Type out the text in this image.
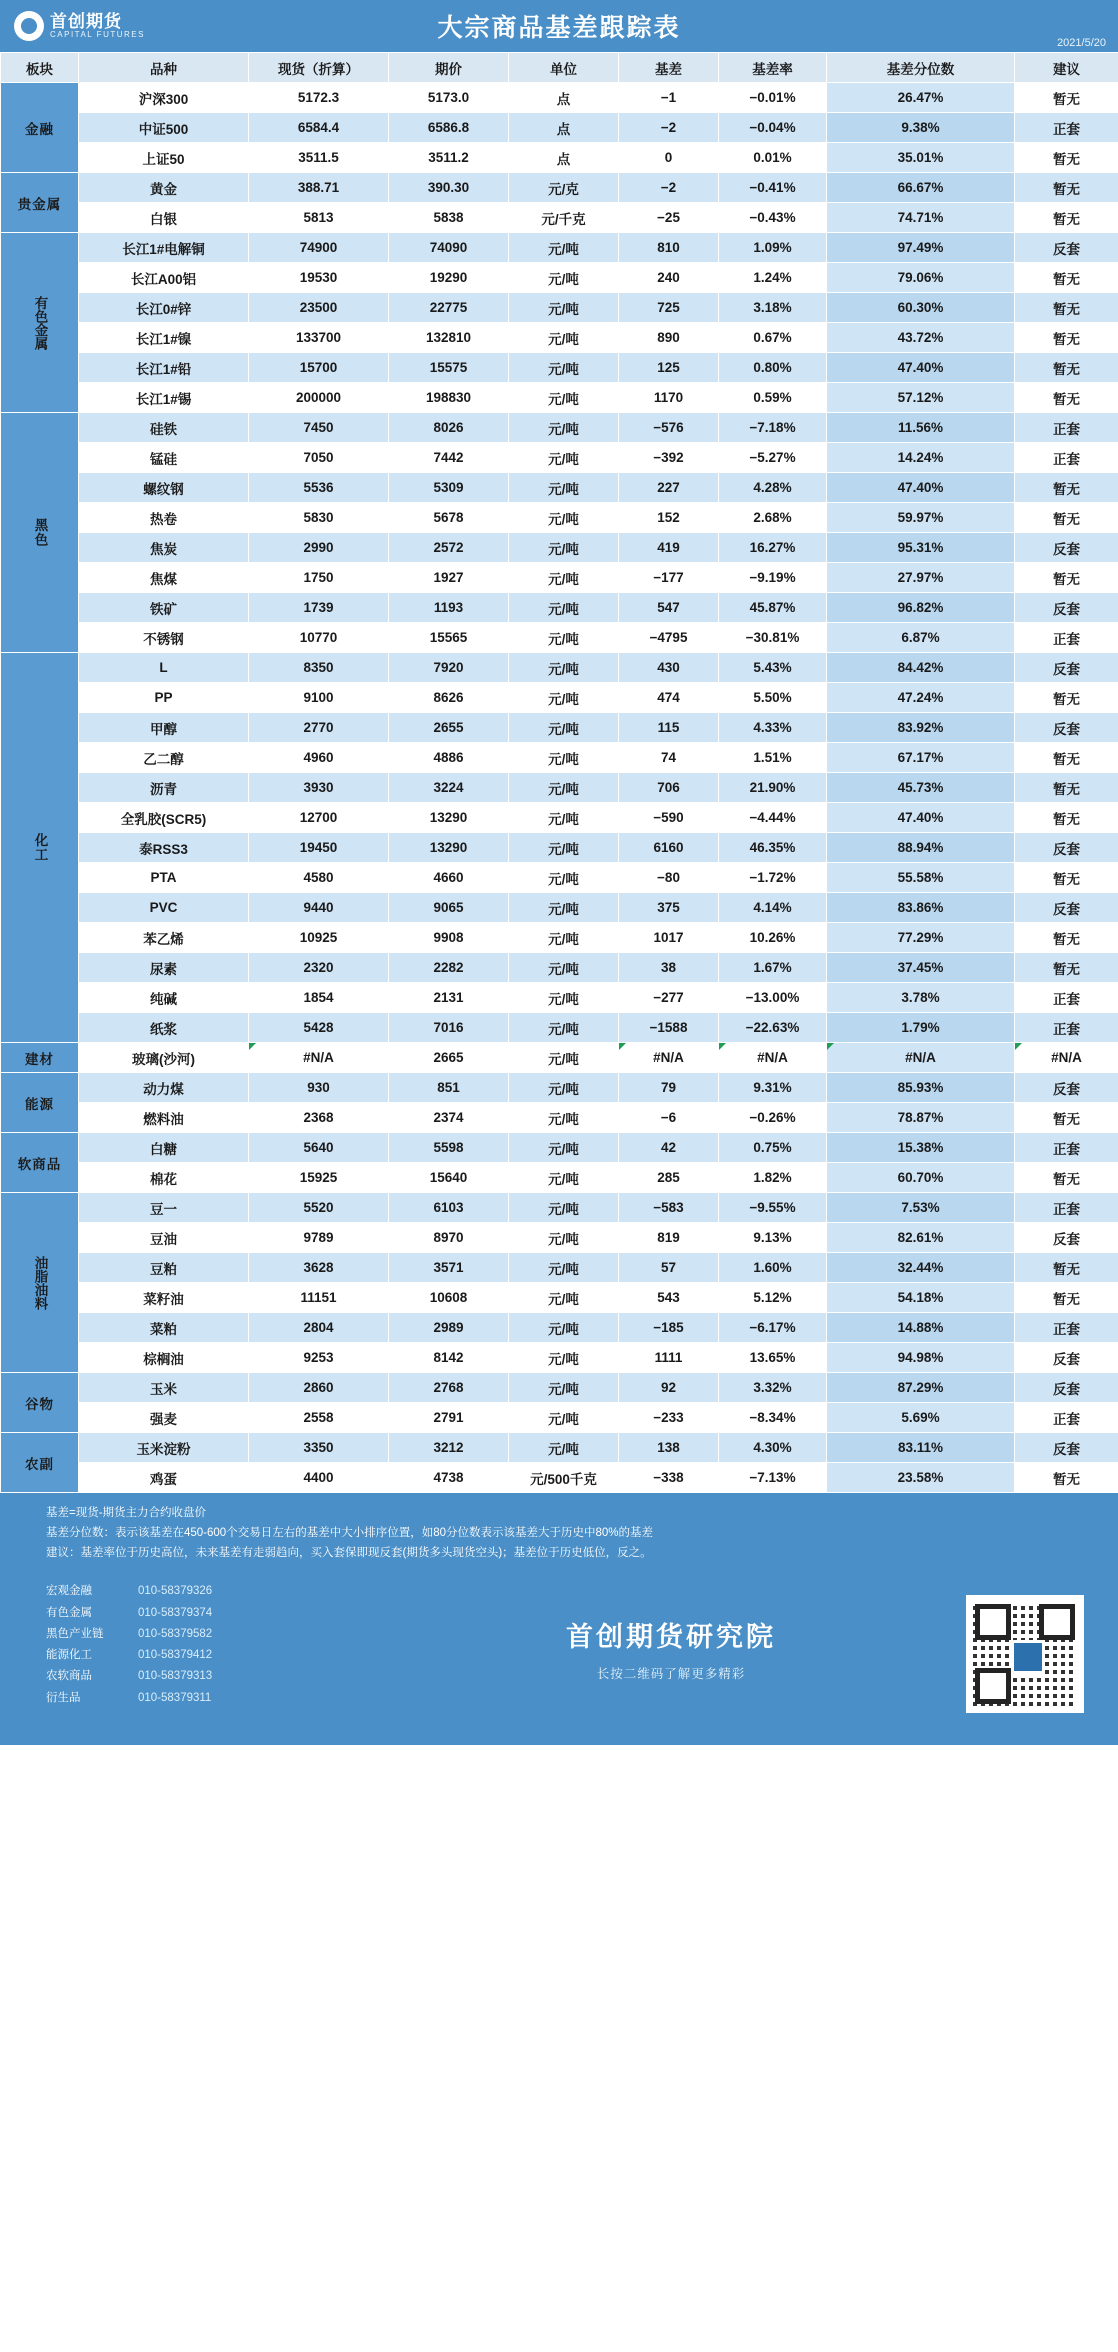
首创期货
CAPITAL FUTURES	大宗商品基差跟踪表
2021/5/20
板块	品种	现货（折算）	期价	单位	基差	基差率	基差分位数	建议
金融	沪深300	5172.3	5173.0	点	−1	−0.01%	26.47%	暂无
	中证500	6584.4	6586.8	点	−2	−0.04%	9.38%	正套
	上证50	3511.5	3511.2	点	0	0.01%	35.01%	暂无
贵金属	黄金	388.71	390.30	元/克	−2	−0.41%	66.67%	暂无
	白银	5813	5838	元/千克	−25	−0.43%	74.71%	暂无
有色金属	长江1#电解铜	74900	74090	元/吨	810	1.09%	97.49%	反套
	长江A00铝	19530	19290	元/吨	240	1.24%	79.06%	暂无
	长江0#锌	23500	22775	元/吨	725	3.18%	60.30%	暂无
	长江1#镍	133700	132810	元/吨	890	0.67%	43.72%	暂无
	长江1#铅	15700	15575	元/吨	125	0.80%	47.40%	暂无
	长江1#锡	200000	198830	元/吨	1170	0.59%	57.12%	暂无
黑色	硅铁	7450	8026	元/吨	−576	−7.18%	11.56%	正套
	锰硅	7050	7442	元/吨	−392	−5.27%	14.24%	正套
	螺纹钢	5536	5309	元/吨	227	4.28%	47.40%	暂无
	热卷	5830	5678	元/吨	152	2.68%	59.97%	暂无
	焦炭	2990	2572	元/吨	419	16.27%	95.31%	反套
	焦煤	1750	1927	元/吨	−177	−9.19%	27.97%	暂无
	铁矿	1739	1193	元/吨	547	45.87%	96.82%	反套
	不锈钢	10770	15565	元/吨	−4795	−30.81%	6.87%	正套
化工	L	8350	7920	元/吨	430	5.43%	84.42%	反套
	PP	9100	8626	元/吨	474	5.50%	47.24%	暂无
	甲醇	2770	2655	元/吨	115	4.33%	83.92%	反套
	乙二醇	4960	4886	元/吨	74	1.51%	67.17%	暂无
	沥青	3930	3224	元/吨	706	21.90%	45.73%	暂无
	全乳胶(SCR5)	12700	13290	元/吨	−590	−4.44%	47.40%	暂无
	泰RSS3	19450	13290	元/吨	6160	46.35%	88.94%	反套
	PTA	4580	4660	元/吨	−80	−1.72%	55.58%	暂无
	PVC	9440	9065	元/吨	375	4.14%	83.86%	反套
	苯乙烯	10925	9908	元/吨	1017	10.26%	77.29%	暂无
	尿素	2320	2282	元/吨	38	1.67%	37.45%	暂无
	纯碱	1854	2131	元/吨	−277	−13.00%	3.78%	正套
	纸浆	5428	7016	元/吨	−1588	−22.63%	1.79%	正套
建材	玻璃(沙河)	#N/A	2665	元/吨	#N/A	#N/A	#N/A	#N/A
能源	动力煤	930	851	元/吨	79	9.31%	85.93%	反套
	燃料油	2368	2374	元/吨	−6	−0.26%	78.87%	暂无
软商品	白糖	5640	5598	元/吨	42	0.75%	15.38%	正套
	棉花	15925	15640	元/吨	285	1.82%	60.70%	暂无
油脂油料	豆一	5520	6103	元/吨	−583	−9.55%	7.53%	正套
	豆油	9789	8970	元/吨	819	9.13%	82.61%	反套
	豆粕	3628	3571	元/吨	57	1.60%	32.44%	暂无
	菜籽油	11151	10608	元/吨	543	5.12%	54.18%	暂无
	菜粕	2804	2989	元/吨	−185	−6.17%	14.88%	正套
	棕榈油	9253	8142	元/吨	1111	13.65%	94.98%	反套
谷物	玉米	2860	2768	元/吨	92	3.32%	87.29%	反套
	强麦	2558	2791	元/吨	−233	−8.34%	5.69%	正套
农副	玉米淀粉	3350	3212	元/吨	138	4.30%	83.11%	反套
	鸡蛋	4400	4738	元/500千克	−338	−7.13%	23.58%	暂无
基差=现货-期货主力合约收盘价
基差分位数：表示该基差在450-600个交易日左右的基差中大小排序位置，如80分位数表示该基差大于历史中80%的基差
建议：基差率位于历史高位，未来基差有走弱趋向，买入套保即现反套(期货多头现货空头)；基差位于历史低位，反之。
宏观金融	010-58379326
有色金属	010-58379374
黑色产业链	010-58379582
能源化工	010-58379412
农软商品	010-58379313
衍生品	010-58379311
首创期货研究院
长按二维码了解更多精彩
